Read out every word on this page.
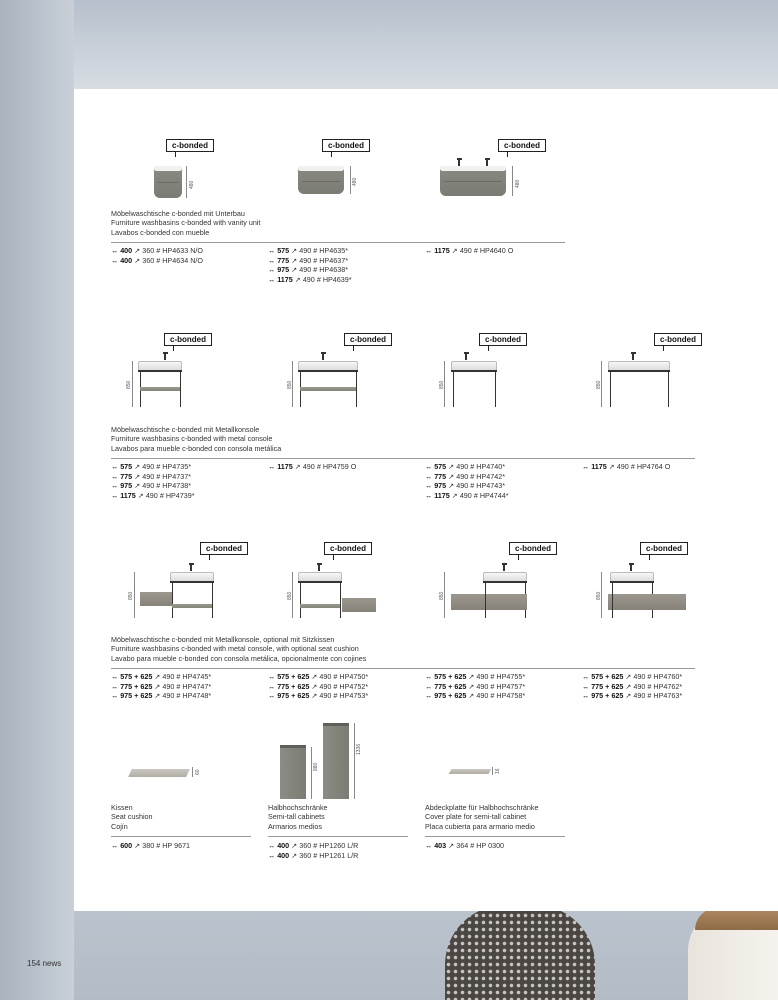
c-bonded
480
c-bonded
480
c-bonded
480
Möbelwaschtische c-bonded mit Unterbau
Furniture washbasins c-bonded with vanity unit
Lavabos c-bonded con mueble
↔ 400 ↗ 360 # HP4633 N/O
↔ 400 ↗ 360 # HP4634 N/O
↔ 575 ↗ 490 # HP4635*
↔ 775 ↗ 490 # HP4637*
↔ 975 ↗ 490 # HP4638*
↔ 1175 ↗ 490 # HP4639*
↔ 1175 ↗ 490 # HP4640 O
c-bonded
850
c-bonded
850
c-bonded
850
c-bonded
850
Möbelwaschtische c-bonded mit Metallkonsole
Furniture washbasins c-bonded with metal console
Lavabos para mueble c-bonded con consola metálica
↔ 575 ↗ 490 # HP4735*
↔ 775 ↗ 490 # HP4737*
↔ 975 ↗ 490 # HP4738*
↔ 1175 ↗ 490 # HP4739*
↔ 1175 ↗ 490 # HP4759 O	↔ 575 ↗ 490 # HP4740*
↔ 775 ↗ 490 # HP4742*
↔ 975 ↗ 490 # HP4743*
↔ 1175 ↗ 490 # HP4744*
↔ 1175 ↗ 490 # HP4764 O
c-bonded
850
c-bonded
850
c-bonded
850
c-bonded
850
Möbelwaschtische c-bonded mit Metallkonsole, optional mit Sitzkissen
Furniture washbasins c-bonded with metal console, with optional seat cushion
Lavabo para mueble c-bonded con consola metálica, opcionalmente con cojines
↔ 575 + 625 ↗ 490 # HP4745*
↔ 775 + 625 ↗ 490 # HP4747*
↔ 975 + 625 ↗ 490 # HP4748*
↔ 575 + 625 ↗ 490 # HP4750*
↔ 775 + 625 ↗ 490 # HP4752*
↔ 975 + 625 ↗ 490 # HP4753*
↔ 575 + 625 ↗ 490 # HP4755*
↔ 775 + 625 ↗ 490 # HP4757*
↔ 975 + 625 ↗ 490 # HP4758*
↔ 575 + 625 ↗ 490 # HP4760*
↔ 775 + 625 ↗ 490 # HP4762*
↔ 975 + 625 ↗ 490 # HP4763*
60
880
1336
16
Kissen
Seat cushion
Cojín
Halbhochschränke
Semi-tall cabinets
Armarios medios
Abdeckplatte für Halbhochschränke
Cover plate for semi-tall cabinet
Placa cubierta para armario medio
↔ 600 ↗ 380 # HP 9671	↔ 400 ↗ 360 # HP1260 L/R
↔ 400 ↗ 360 # HP1261 L/R
↔ 403 ↗ 364 # HP 0300
154 news
